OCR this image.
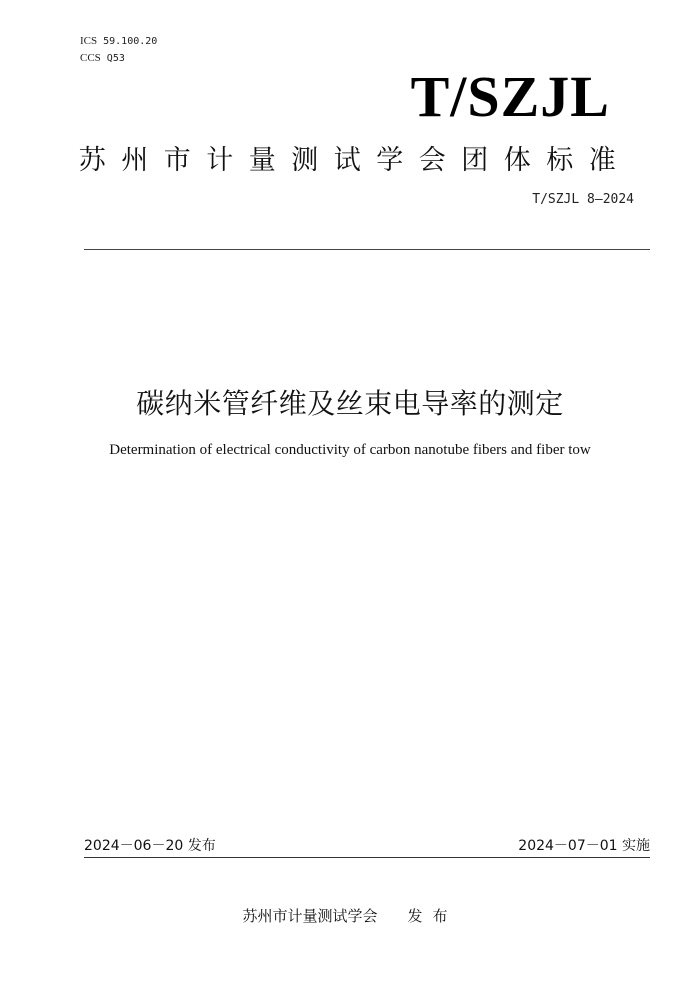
ICS 59.100.20
CCS Q53
T/SZJL
苏州市计量测试学会团体标准
T/SZJL 8—2024
碳纳米管纤维及丝束电导率的测定
Determination of electrical conductivity of carbon nanotube fibers and fiber tow
2024－06－20 发布	2024－07－01 实施
苏州市计量测试学会 发布
